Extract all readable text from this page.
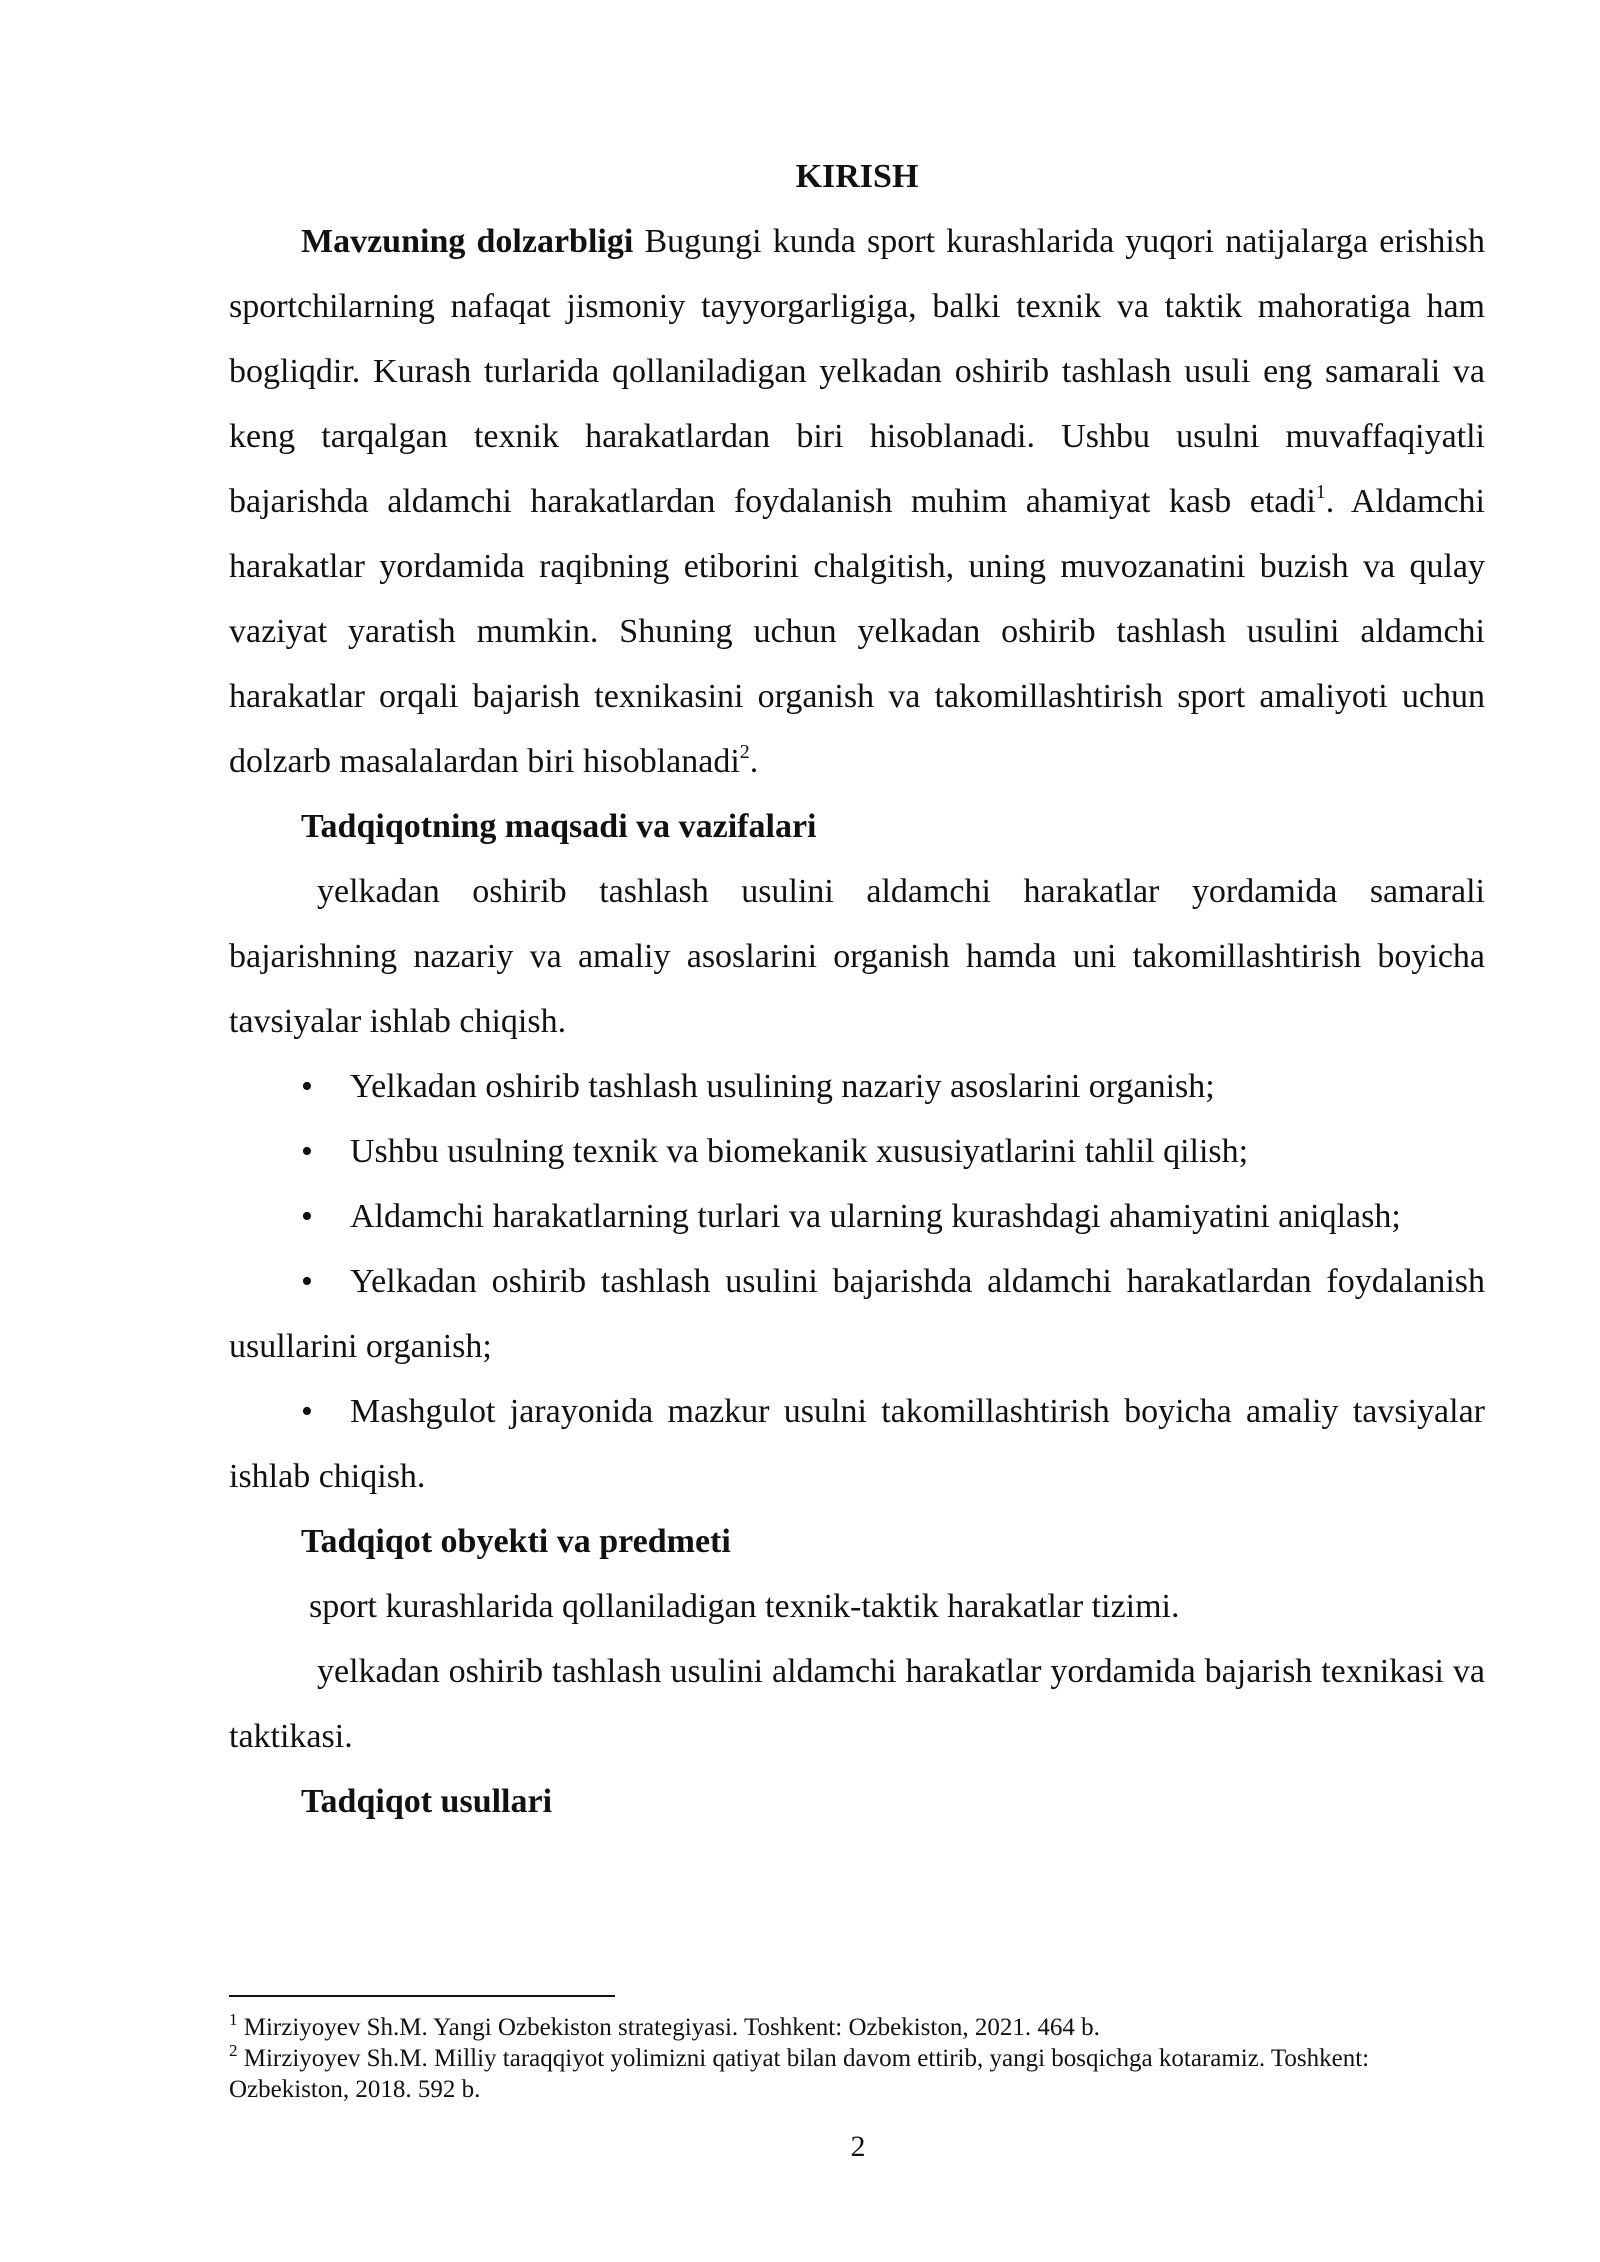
KIRISH

Mavzuning dolzarbligi Bugungi kunda sport kurashlarida yuqori natijalarga erishish sportchilarning nafaqat jismoniy tayyorgarligiga, balki texnik va taktik mahoratiga ham bogliqdir. Kurash turlarida qollaniladigan yelkadan oshirib tashlash usuli eng samarali va keng tarqalgan texnik harakatlardan biri hisoblanadi. Ushbu usulni muvaffaqiyatli bajarishda aldamchi harakatlardan foydalanish muhim ahamiyat kasb etadi$^1$. Aldamchi harakatlar yordamida raqibning etiborini chalgitish, uning muvozanatini buzish va qulay vaziyat yaratish mumkin. Shuning uchun yelkadan oshirib tashlash usulini aldamchi harakatlar orqali bajarish texnikasini organish va takomillashtirish sport amaliyoti uchun dolzarb masalalardan biri hisoblanadi$^2$.

Tadqiqotning maqsadi va vazifalari

yelkadan oshirib tashlash usulini aldamchi harakatlar yordamida samarali bajarishning nazariy va amaliy asoslarini organish hamda uni takomillashtirish boyicha tavsiyalar ishlab chiqish.

• Yelkadan oshirib tashlash usulining nazariy asoslarini organish;

• Ushbu usulning texnik va biomekanik xususiyatlarini tahlil qilish;

• Aldamchi harakatlarning turlari va ularning kurashdagi ahamiyatini aniqlash;

• Yelkadan oshirib tashlash usulini bajarishda aldamchi harakatlardan foydalanish usullarini organish;

• Mashgulot jarayonida mazkur usulni takomillashtirish boyicha amaliy tavsiyalar ishlab chiqish.

Tadqiqot obyekti va predmeti

sport kurashlarida qollaniladigan texnik-taktik harakatlar tizimi.

yelkadan oshirib tashlash usulini aldamchi harakatlar yordamida bajarish texnikasi va taktikasi.

Tadqiqot usullari

$^1$ Mirziyoyev Sh.M. Yangi Ozbekiston strategiyasi. Toshkent: Ozbekiston, 2021. 464 b.

$^2$ Mirziyoyev Sh.M. Milliy taraqqiyot yolimizni qatiyat bilan davom ettirib, yangi bosqichga kotaramiz. Toshkent: Ozbekiston, 2018. 592 b.

2
